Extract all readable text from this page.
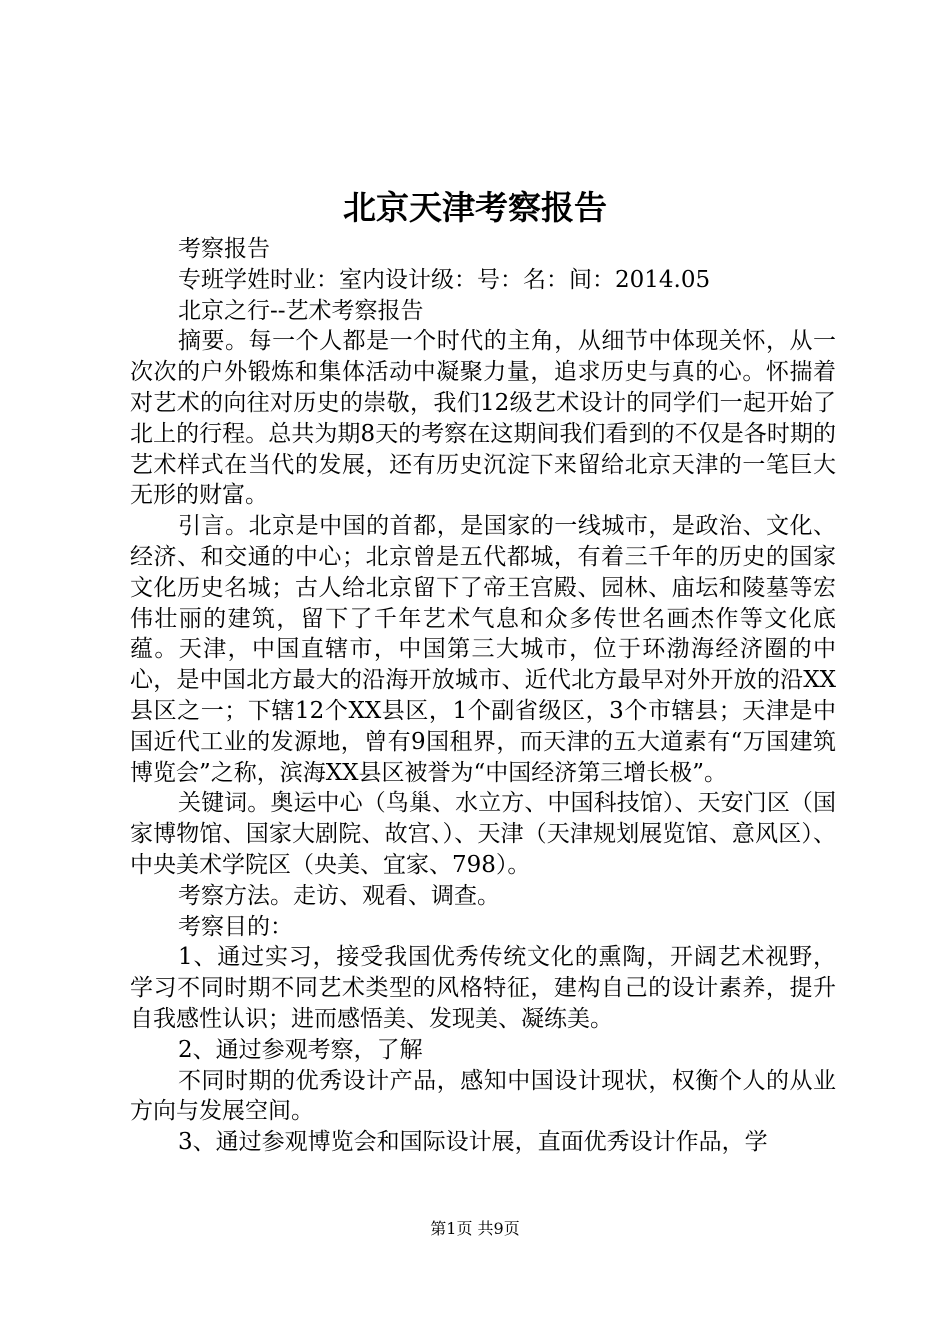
北京天津考察报告

考察报告

专班学姓时业：室内设计级：号：名：间：2014.05

北京之行--艺术考察报告

摘要。每一个人都是一个时代的主角，从细节中体现关怀，从一次次的户外锻炼和集体活动中凝聚力量，追求历史与真的心。怀揣着对艺术的向往对历史的崇敬，我们12级艺术设计的同学们一起开始了北上的行程。总共为期8天的考察在这期间我们看到的不仅是各时期的艺术样式在当代的发展，还有历史沉淀下来留给北京天津的一笔巨大无形的财富。

引言。北京是中国的首都，是国家的一线城市，是政治、文化、经济、和交通的中心；北京曾是五代都城，有着三千年的历史的国家文化历史名城；古人给北京留下了帝王宫殿、园林、庙坛和陵墓等宏伟壮丽的建筑，留下了千年艺术气息和众多传世名画杰作等文化底蕴。天津，中国直辖市，中国第三大城市，位于环渤海经济圈的中心，是中国北方最大的沿海开放城市、近代北方最早对外开放的沿XX县区之一；下辖12个XX县区，1个副省级区，3个市辖县；天津是中国近代工业的发源地，曾有9国租界，而天津的五大道素有“万国建筑博览会”之称，滨海XX县区被誉为“中国经济第三增长极”。

关键词。奥运中心（鸟巢、水立方、中国科技馆）、天安门区（国家博物馆、国家大剧院、故宫、）、天津（天津规划展览馆、意风区）、中央美术学院区（央美、宜家、798）。

考察方法。走访、观看、调查。

考察目的：

1、通过实习，接受我国优秀传统文化的熏陶，开阔艺术视野，学习不同时期不同艺术类型的风格特征，建构自己的设计素养，提升自我感性认识；进而感悟美、发现美、凝练美。

2、通过参观考察，了解

不同时期的优秀设计产品，感知中国设计现状，权衡个人的从业方向与发展空间。

3、通过参观博览会和国际设计展，直面优秀设计作品，学

第1页 共9页
